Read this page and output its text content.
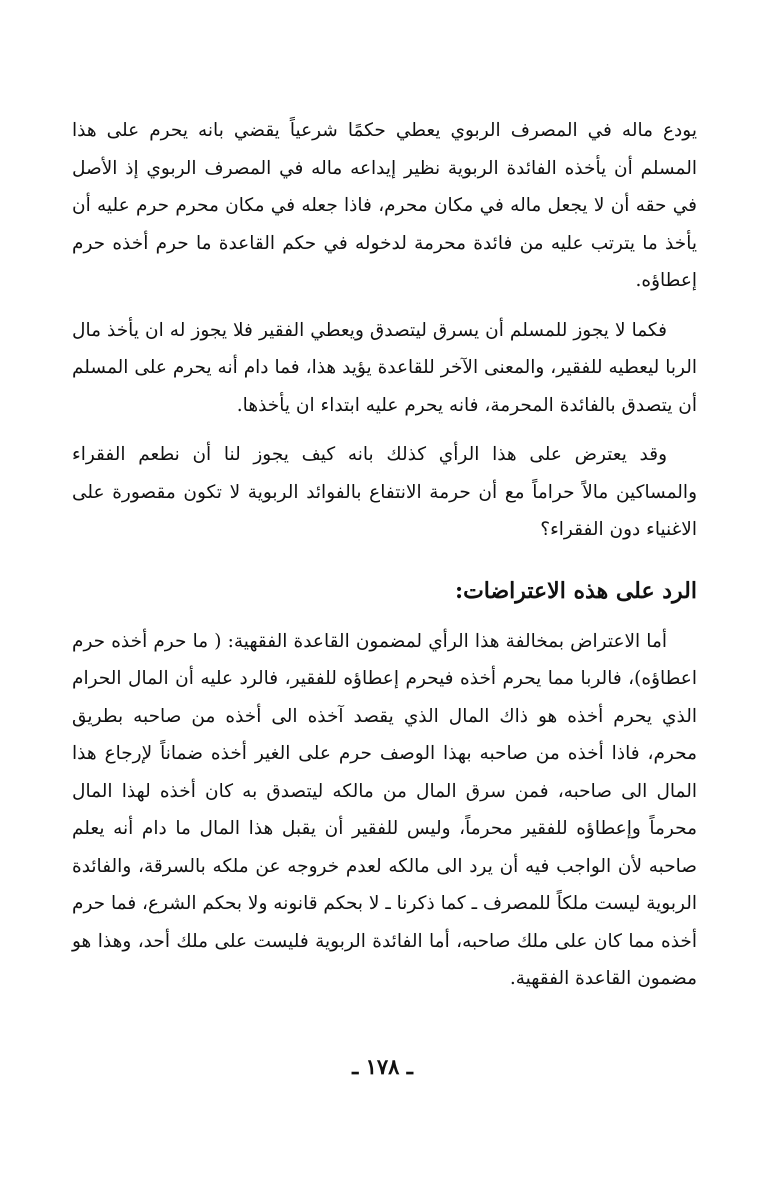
يودع ماله في المصرف الربوي يعطي حكمًا شرعياً يقضي بانه يحرم على هذا المسلم أن يأخذه الفائدة الربوية نظير إيداعه ماله في المصرف الربوي إذ الأصل في حقه أن لا يجعل ماله في مكان محرم، فاذا جعله في مكان محرم حرم عليه أن يأخذ ما يترتب عليه من فائدة محرمة لدخوله في حكم القاعدة ما حرم أخذه حرم إعطاؤه.

فكما لا يجوز للمسلم أن يسرق ليتصدق ويعطي الفقير فلا يجوز له ان يأخذ مال الربا ليعطيه للفقير، والمعنى الآخر للقاعدة يؤيد هذا، فما دام أنه يحرم على المسلم أن يتصدق بالفائدة المحرمة، فانه يحرم عليه ابتداء ان يأخذها.

وقد يعترض على هذا الرأي كذلك بانه كيف يجوز لنا أن نطعم الفقراء والمساكين مالاً حراماً مع أن حرمة الانتفاع بالفوائد الربوية لا تكون مقصورة على الاغنياء دون الفقراء؟

الرد على هذه الاعتراضات:

أما الاعتراض بمخالفة هذا الرأي لمضمون القاعدة الفقهية: ( ما حرم أخذه حرم اعطاؤه)، فالربا مما يحرم أخذه فيحرم إعطاؤه للفقير، فالرد عليه أن المال الحرام الذي يحرم أخذه هو ذاك المال الذي يقصد آخذه الى أخذه من صاحبه بطريق محرم، فاذا أخذه من صاحبه بهذا الوصف حرم على الغير أخذه ضماناً لإرجاع هذا المال الى صاحبه، فمن سرق المال من مالكه ليتصدق به كان أخذه لهذا المال محرماً وإعطاؤه للفقير محرماً، وليس للفقير أن يقبل هذا المال ما دام أنه يعلم صاحبه لأن الواجب فيه أن يرد الى مالكه لعدم خروجه عن ملكه بالسرقة، والفائدة الربوية ليست ملكاً للمصرف ـ كما ذكرنا ـ لا بحكم قانونه ولا بحكم الشرع، فما حرم أخذه مما كان على ملك صاحبه، أما الفائدة الربوية فليست على ملك أحد، وهذا هو مضمون القاعدة الفقهية.

ـ ١٧٨ ـ
